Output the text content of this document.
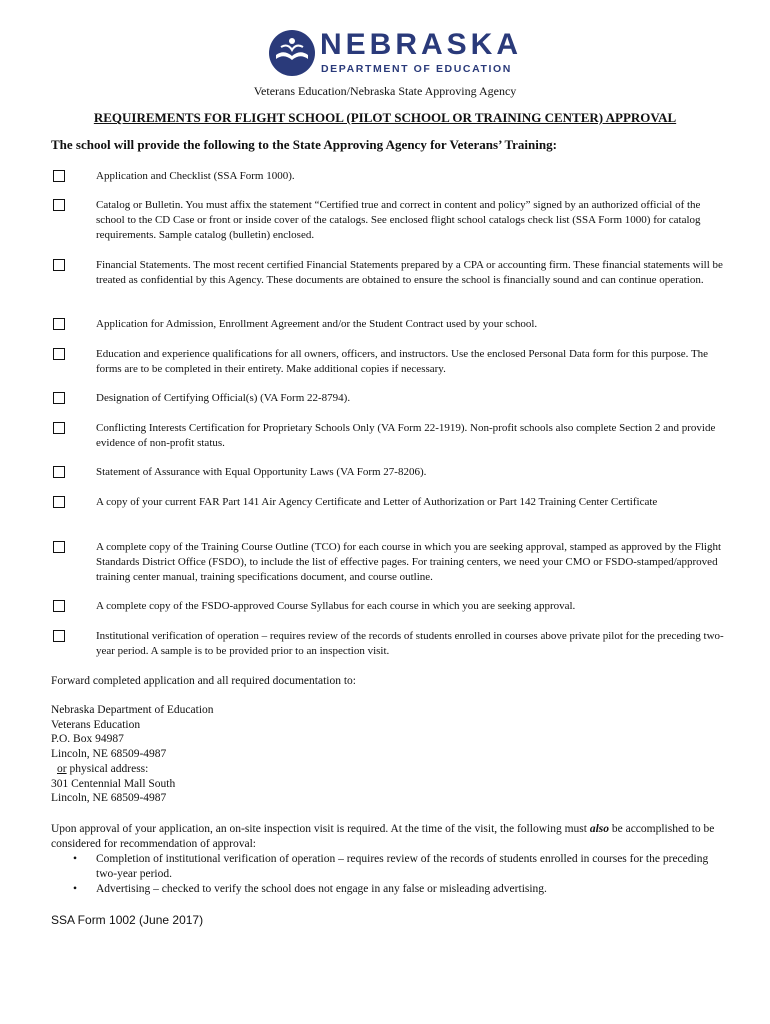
NEBRASKA
DEPARTMENT OF EDUCATION
Veterans Education/Nebraska State Approving Agency
REQUIREMENTS FOR FLIGHT SCHOOL (PILOT SCHOOL OR TRAINING CENTER) APPROVAL
The school will provide the following to the State Approving Agency for Veterans’ Training:
Application and Checklist (SSA Form 1000).
Catalog or Bulletin. You must affix the statement “Certified true and correct in content and policy” signed by an authorized official of the school to the CD Case or front or inside cover of the catalogs. See enclosed flight school catalogs check list (SSA Form 1000) for catalog requirements. Sample catalog (bulletin) enclosed.
Financial Statements. The most recent certified Financial Statements prepared by a CPA or accounting firm. These financial statements will be treated as confidential by this Agency. These documents are obtained to ensure the school is financially sound and can continue operation.
Application for Admission, Enrollment Agreement and/or the Student Contract used by your school.
Education and experience qualifications for all owners, officers, and instructors. Use the enclosed Personal Data form for this purpose. The forms are to be completed in their entirety. Make additional copies if necessary.
Designation of Certifying Official(s) (VA Form 22-8794).
Conflicting Interests Certification for Proprietary Schools Only (VA Form 22-1919). Non-profit schools also complete Section 2 and provide evidence of non-profit status.
Statement of Assurance with Equal Opportunity Laws (VA Form 27-8206).
A copy of your current FAR Part 141 Air Agency Certificate and Letter of Authorization or Part 142 Training Center Certificate
A complete copy of the Training Course Outline (TCO) for each course in which you are seeking approval, stamped as approved by the Flight Standards District Office (FSDO), to include the list of effective pages. For training centers, we need your CMO or FSDO-stamped/approved training center manual, training specifications document, and course outline.
A complete copy of the FSDO-approved Course Syllabus for each course in which you are seeking approval.
Institutional verification of operation – requires review of the records of students enrolled in courses above private pilot for the preceding two-year period. A sample is to be provided prior to an inspection visit.
Forward completed application and all required documentation to:
Nebraska Department of Education
Veterans Education
P.O. Box 94987
Lincoln, NE 68509-4987
or physical address:
301 Centennial Mall South
Lincoln, NE 68509-4987
Upon approval of your application, an on-site inspection visit is required. At the time of the visit, the following must also be accomplished to be considered for recommendation of approval:
• Completion of institutional verification of operation – requires review of the records of students enrolled in courses for the preceding two-year period.
• Advertising – checked to verify the school does not engage in any false or misleading advertising.
SSA Form 1002 (June 2017)
